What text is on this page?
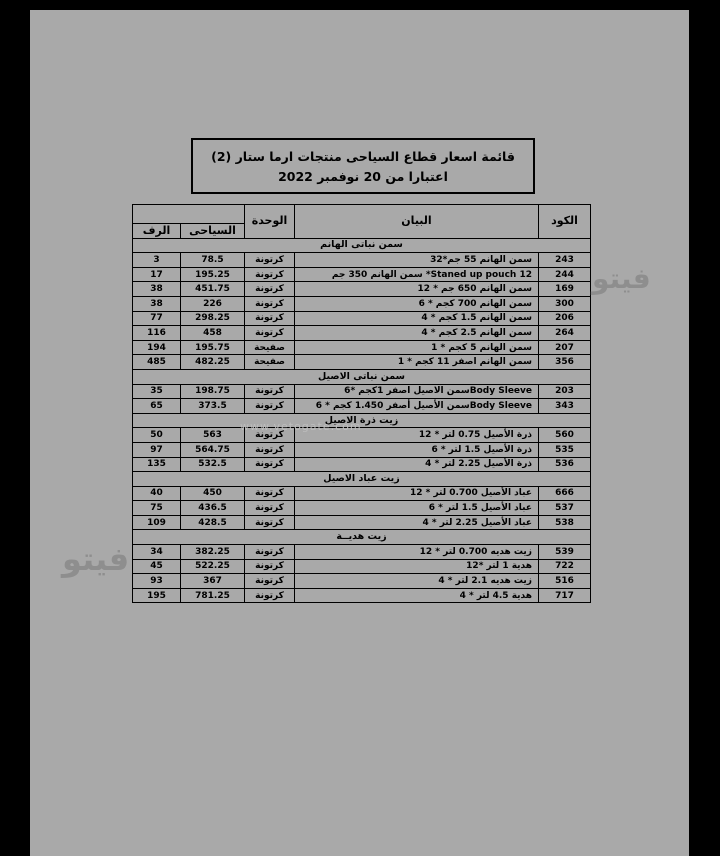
قائمة اسعار قطاع السياحى منتجات ارما ستار (2)
اعتبارا من 20 نوفمبر 2022
الكود	البيان	الوحدة		
			السياحى	الرف
سمن نباتى الهانم				
243	سمن الهانم 55 جم*32	كرتونة	78.5	3
244	Staned up pouch 12* سمن الهانم 350 جم	كرتونة	195.25	17
169	سمن الهانم 650 جم * 12	كرتونة	451.75	38
300	سمن الهانم 700 كجم * 6	كرتونة	226	38
206	سمن الهانم 1.5 كجم * 4	كرتونة	298.25	77
264	سمن الهانم 2.5 كجم * 4	كرتونة	458	116
207	سمن الهانم 5 كجم * 1	صفيحة	195.75	194
356	سمن الهانم اصفر 11 كجم * 1	صفيحة	482.25	485
سمن نباتى الاصيل				
203	Body Sleeveسمن الاصيل اصفر 1كجم *6	كرتونة	198.75	35
343	Body Sleeveسمن الأصيل أصفر 1.450 كجم * 6	كرتونة	373.5	65
زيت ذرة الاصيل				
560	ذرة الأصيل 0.75 لتر * 12	كرتونة	563	50
535	ذرة الأصيل 1.5 لتر * 6	كرتونة	564.75	97
536	ذرة الأصيل 2.25 لتر * 4	كرتونة	532.5	135
زيت عباد الاصيل				
666	عباد الأصيل 0.700 لتر * 12	كرتونة	450	40
537	عباد الأصيل 1.5 لتر * 6	كرتونة	436.5	75
538	عباد الأصيل 2.25 لتر * 4	كرتونة	428.5	109
زيت هديــة				
539	زيت هديه 0.700 لتر * 12	كرتونة	382.25	34
722	هدية 1 لتر *12	كرتونة	522.25	45
516	زيت هديه 2.1 لتر * 4	كرتونة	367	93
717	هدية 4.5 لتر * 4	كرتونة	781.25	195
فيتو
فيتو
www.vetogate.com
